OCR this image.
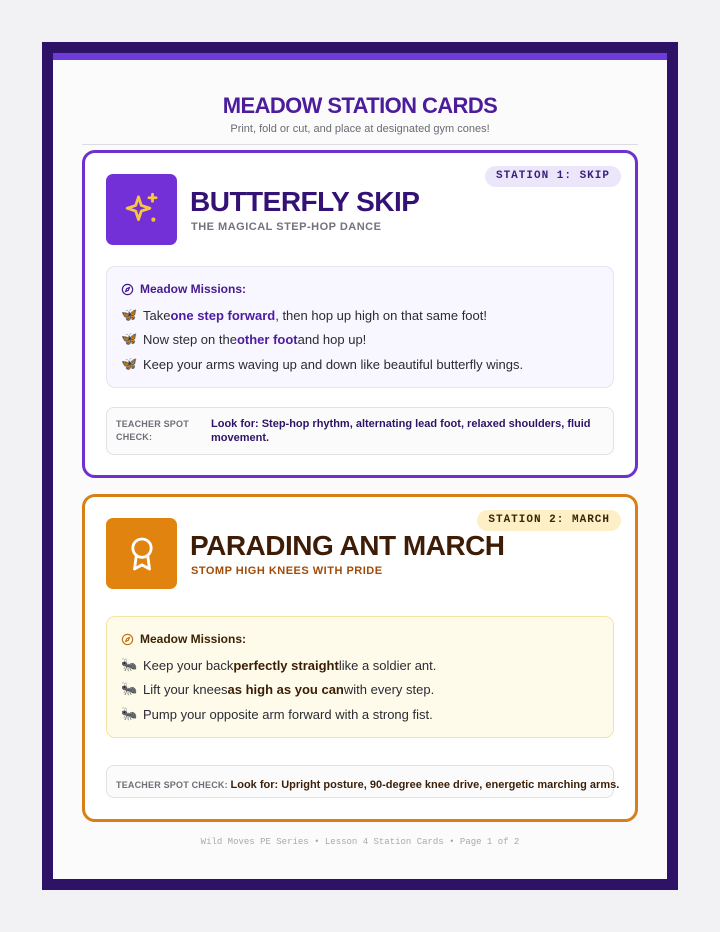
MEADOW STATION CARDS
Print, fold or cut, and place at designated gym cones!
STATION 1: SKIP
BUTTERFLY SKIP
THE MAGICAL STEP-HOP DANCE
Meadow Missions:
🦋 Take one step forward , then hop up high on that same foot!
🦋 Now step on the other foot and hop up!
🦋 Keep your arms waving up and down like beautiful butterfly wings.
TEACHER SPOT CHECK:
Look for: Step-hop rhythm, alternating lead foot, relaxed shoulders, fluid movement.
STATION 2: MARCH
PARADING ANT MARCH
STOMP HIGH KNEES WITH PRIDE
Meadow Missions:
🐜 Keep your back perfectly straight like a soldier ant.
🐜 Lift your knees as high as you can with every step.
🐜 Pump your opposite arm forward with a strong fist.
TEACHER SPOT CHECK: Look for: Upright posture, 90-degree knee drive, energetic marching arms.
Wild Moves PE Series • Lesson 4 Station Cards • Page 1 of 2
